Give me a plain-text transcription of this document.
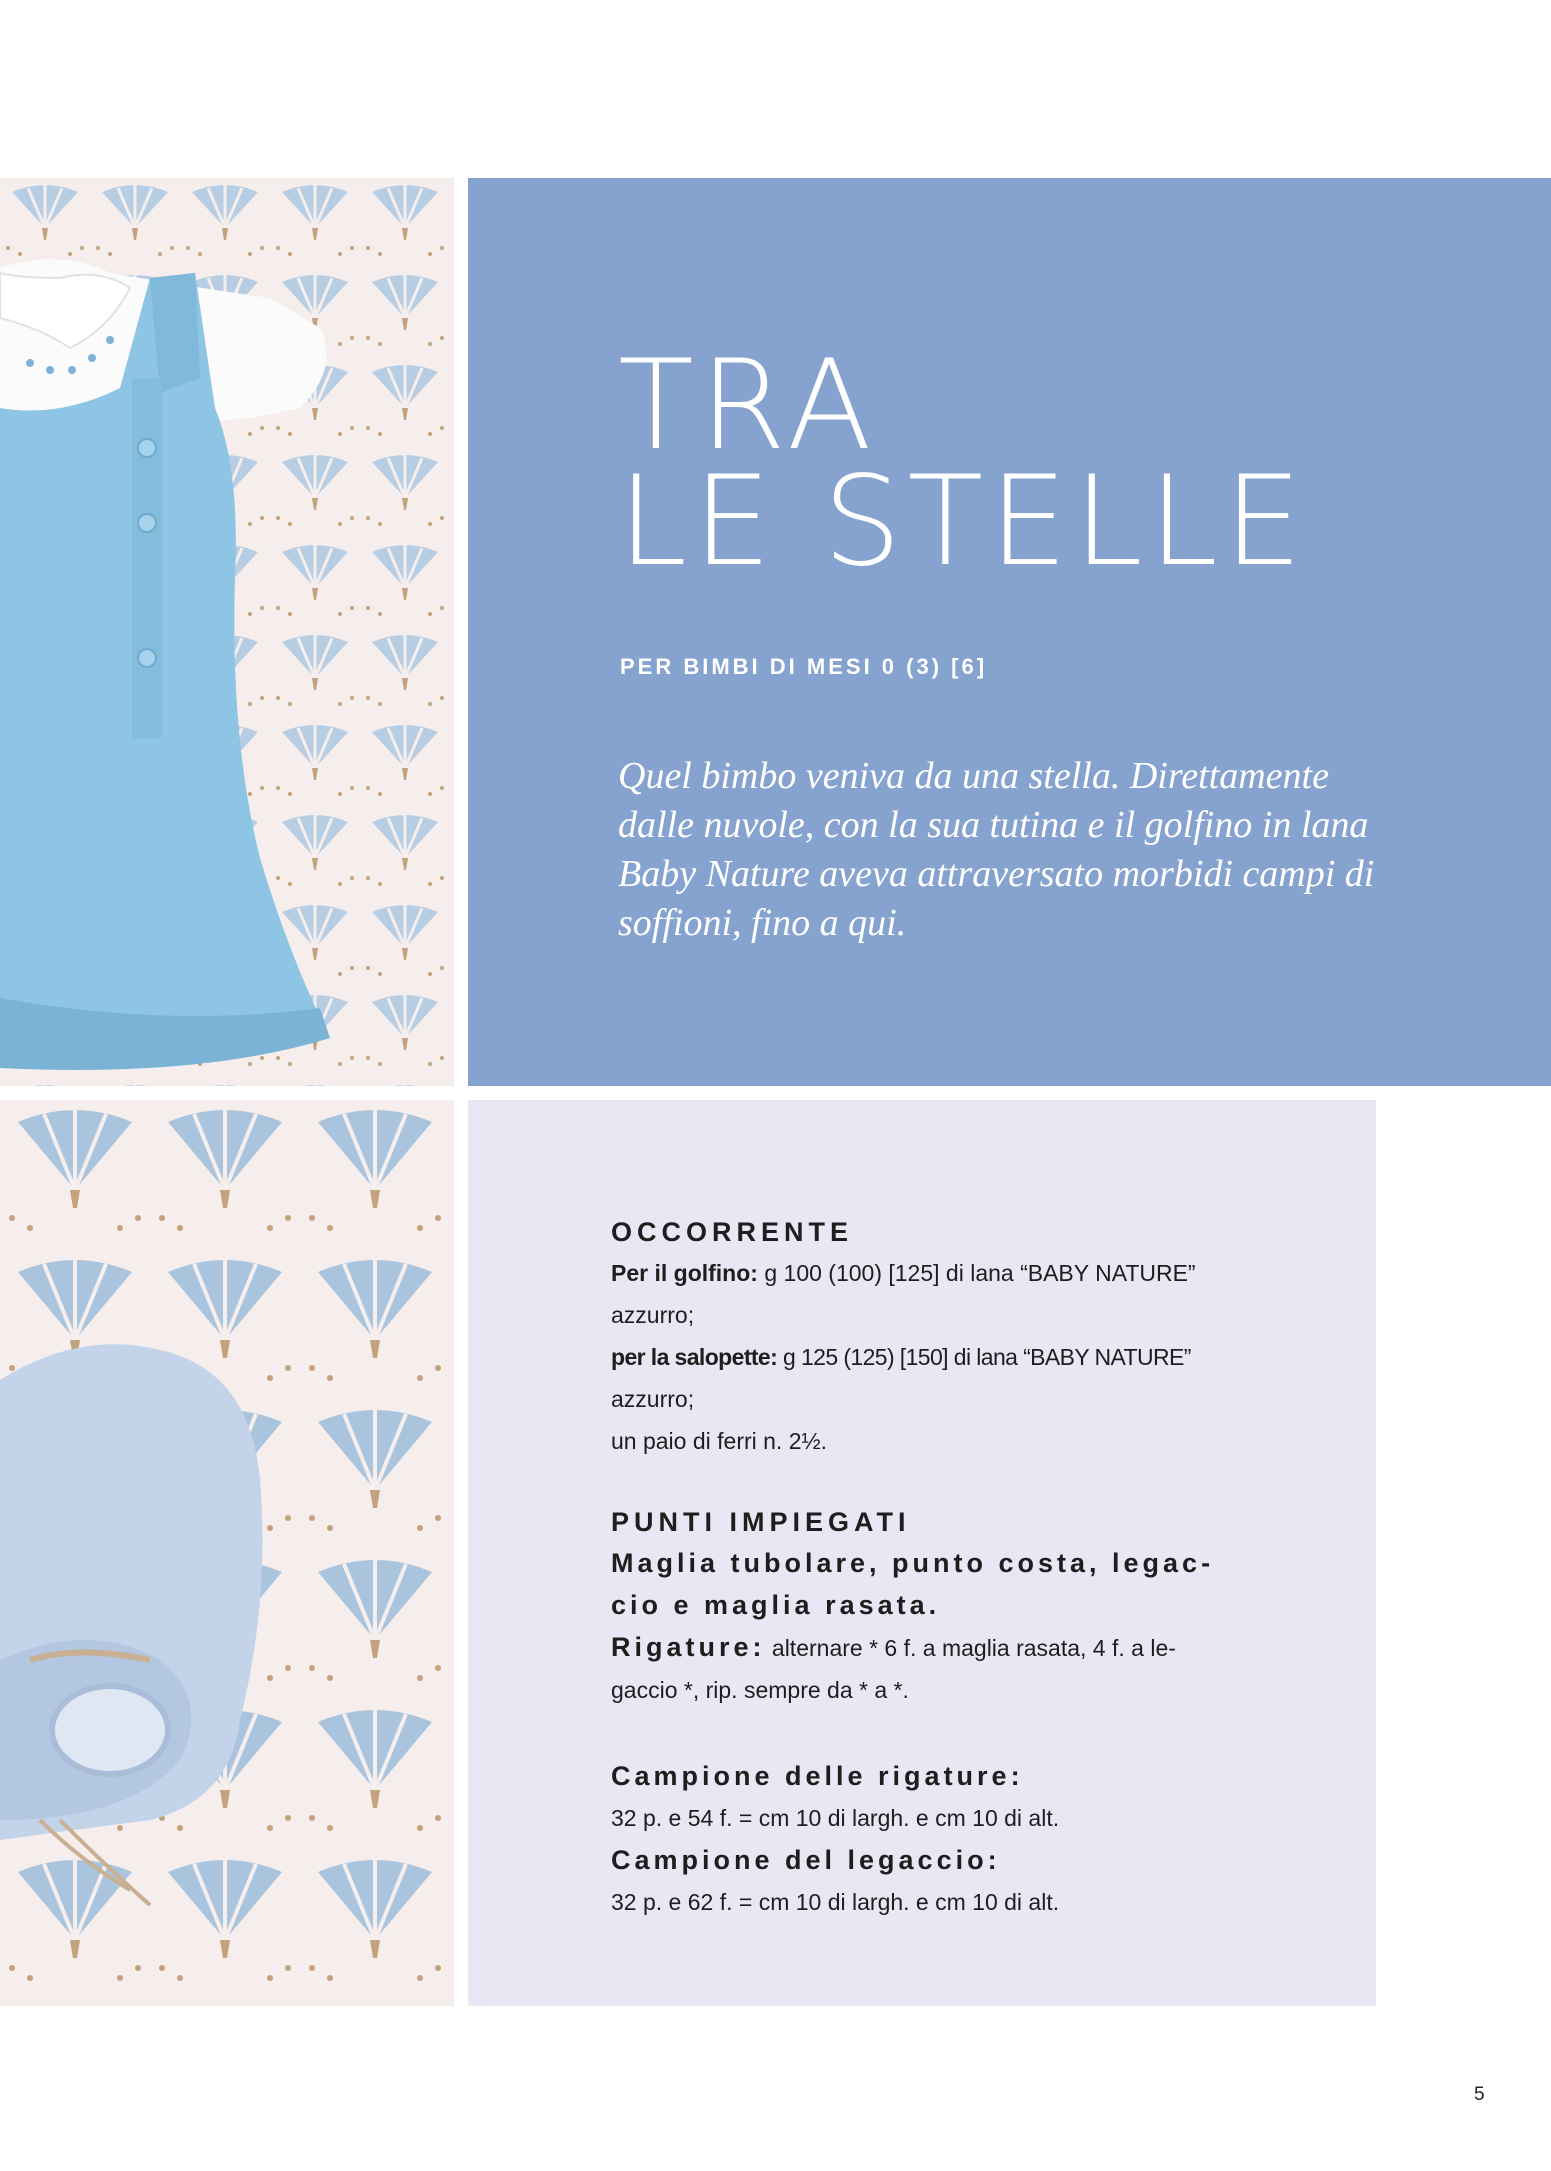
TRA
LE STELLE

PER BIMBI DI MESI 0 (3) [6]

Quel bimbo veniva da una stella. Direttamente dalle nuvole, con la sua tutina e il golfino in lana Baby Nature aveva attraversato morbidi campi di soffioni, fino a qui.

OCCORRENTE

Per il golfino: g 100 (100) [125] di lana “BABY NATURE”

azzurro;

per la salopette: g 125 (125) [150] di lana “BABY NATURE”

azzurro;

un paio di ferri n. 2½.

PUNTI IMPIEGATI

Maglia tubolare, punto costa, legac-

cio e maglia rasata.

Rigature: alternare * 6 f. a maglia rasata, 4 f. a le-

gaccio *, rip. sempre da * a *.

Campione delle rigature:

32 p. e 54 f. = cm 10 di largh. e cm 10 di alt.

Campione del legaccio:

32 p. e 62 f. = cm 10 di largh. e cm 10 di alt.

5
